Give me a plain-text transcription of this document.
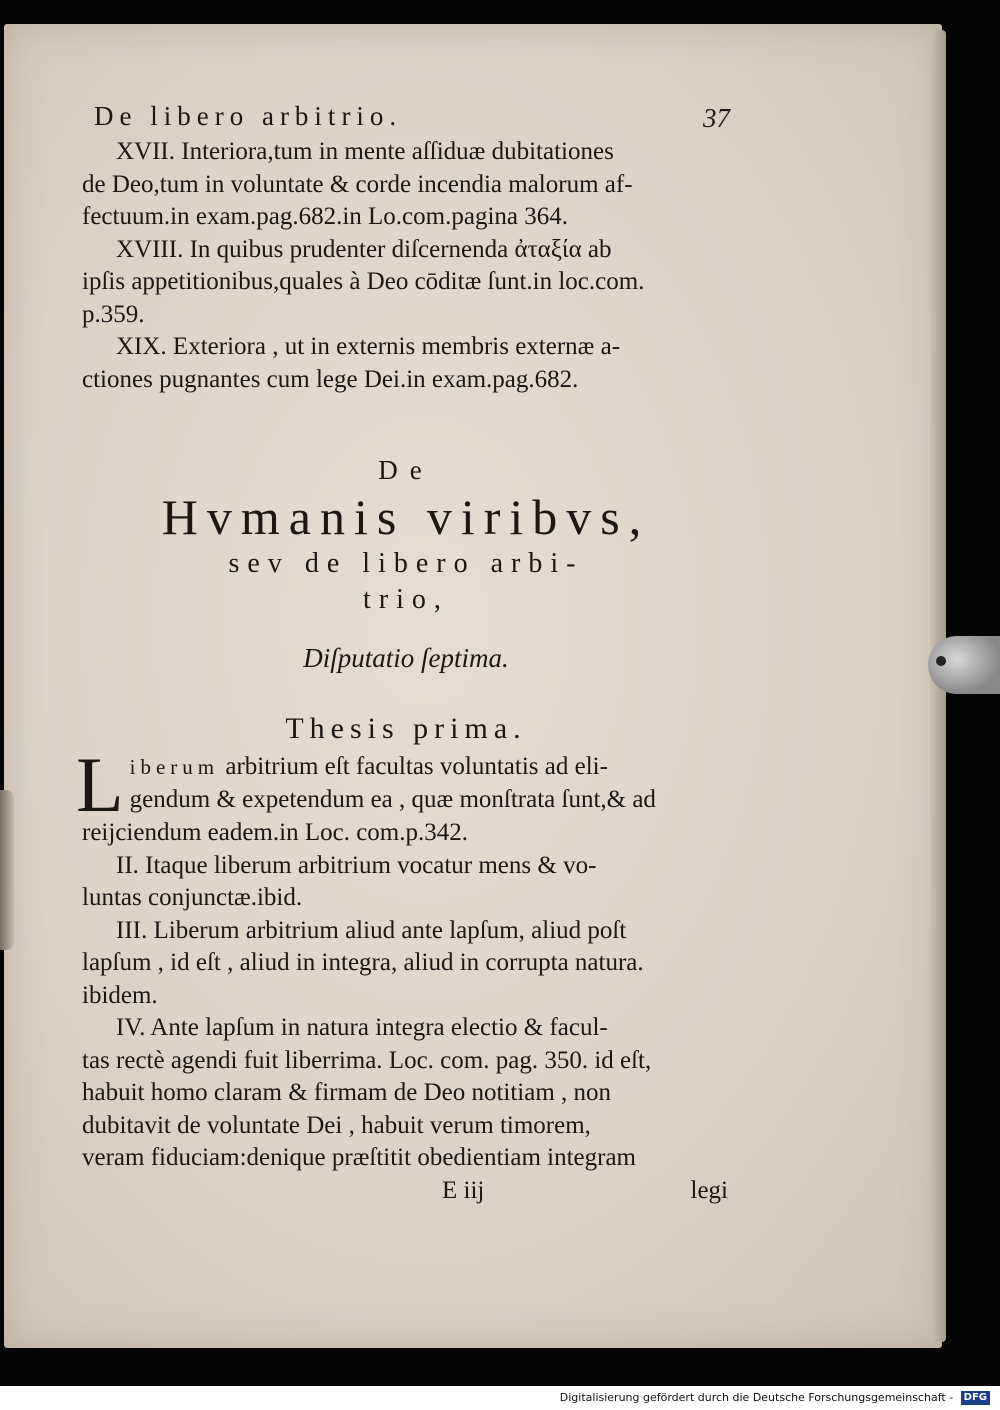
De libero arbitrio.	37
XVII. Interiora,tum in mente aſſiduæ dubitationes
de Deo,tum in voluntate & corde incendia malorum af-
fectuum.in exam.pag.682.in Lo.com.pagina 364.
XVIII. In quibus prudenter diſcernenda ἀταξία ab
ipſis appetitionibus,quales à Deo cōditæ ſunt.in loc.com.
p.359.
XIX. Exteriora , ut in externis membris externæ a-
ctiones pugnantes cum lege Dei.in exam.pag.682.
De
Hvmanis viribvs,
sev de libero arbi-
trio,
Diſputatio ſeptima.
Thesis prima.
L iberum arbitrium eſt facultas voluntatis ad eli-
gendum & expetendum ea , quæ monſtrata ſunt,& ad
reijciendum eadem.in Loc. com.p.342.
II. Itaque liberum arbitrium vocatur mens & vo-
luntas conjunctæ.ibid.
III. Liberum arbitrium aliud ante lapſum, aliud poſt
lapſum , id eſt , aliud in integra, aliud in corrupta natura.
ibidem.
IV. Ante lapſum in natura integra electio & facul-
tas rectè agendi fuit liberrima. Loc. com. pag. 350. id eſt,
habuit homo claram & firmam de Deo notitiam , non
dubitavit de voluntate Dei , habuit verum timorem,
veram fiduciam:denique præſtitit obedientiam integram
E iij	legi
Digitalisierung gefördert durch die Deutsche Forschungsgemeinschaft - DFG
